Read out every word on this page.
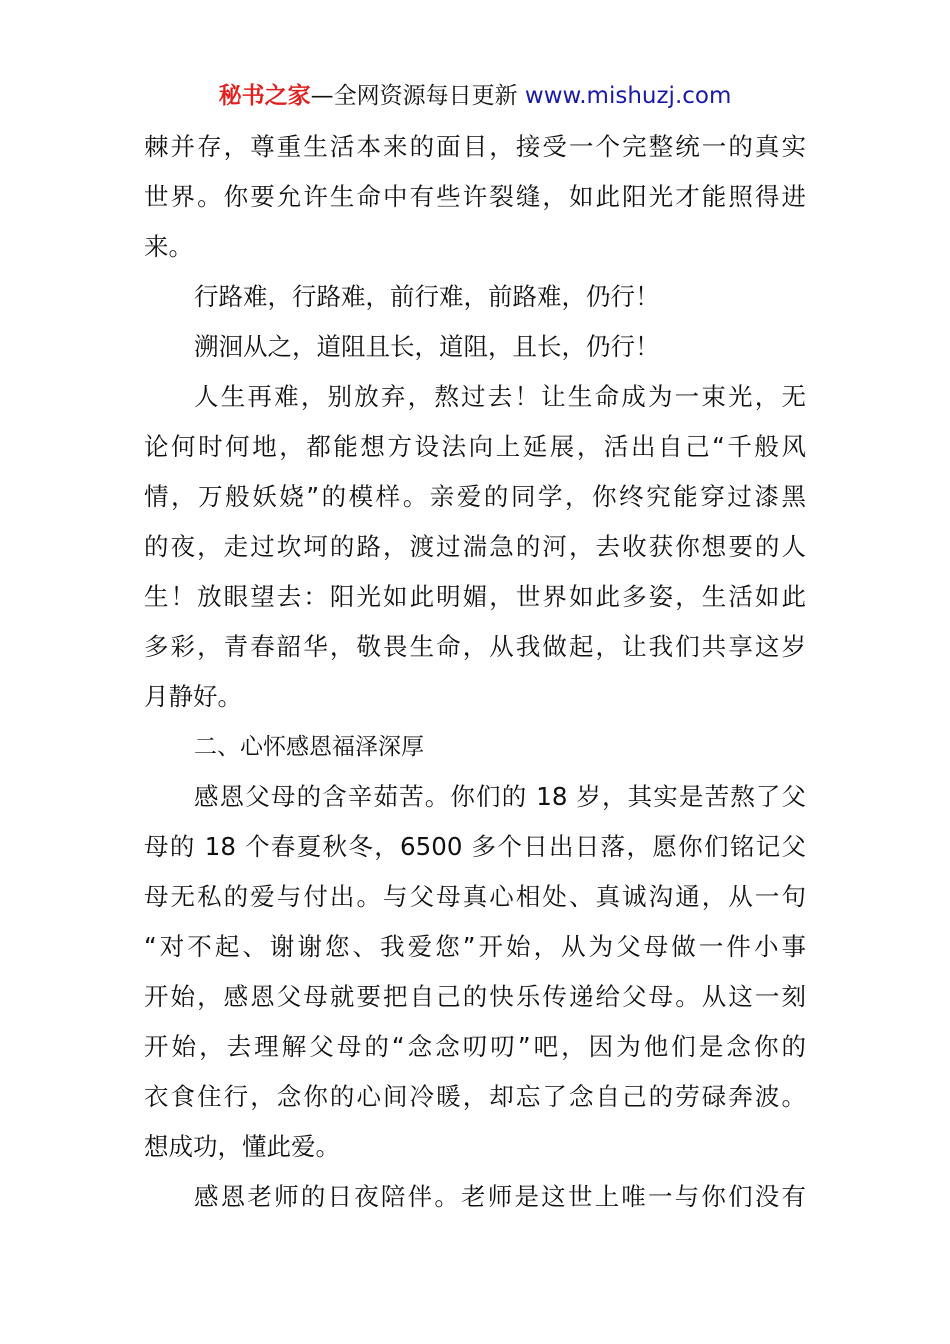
秘书之家—全网资源每日更新 www.mishuzj.com
棘并存，尊重生活本来的面目，接受一个完整统一的真实
世界。你要允许生命中有些许裂缝，如此阳光才能照得进
来。
行路难，行路难，前行难，前路难，仍行！
溯洄从之，道阻且长，道阻，且长，仍行！
人生再难，别放弃，熬过去！让生命成为一束光，无
论何时何地，都能想方设法向上延展，活出自己“千般风
情，万般妖娆”的模样。亲爱的同学，你终究能穿过漆黑
的夜，走过坎坷的路，渡过湍急的河，去收获你想要的人
生！放眼望去：阳光如此明媚，世界如此多姿，生活如此
多彩，青春韶华，敬畏生命，从我做起，让我们共享这岁
月静好。
二、心怀感恩福泽深厚
感恩父母的含辛茹苦。你们的 18 岁，其实是苦熬了父
母的 18 个春夏秋冬，6500 多个日出日落，愿你们铭记父
母无私的爱与付出。与父母真心相处、真诚沟通，从一句
“对不起、谢谢您、我爱您”开始，从为父母做一件小事
开始，感恩父母就要把自己的快乐传递给父母。从这一刻
开始，去理解父母的“念念叨叨”吧，因为他们是念你的
衣食住行，念你的心间冷暖，却忘了念自己的劳碌奔波。
想成功，懂此爱。
感恩老师的日夜陪伴。老师是这世上唯一与你们没有
